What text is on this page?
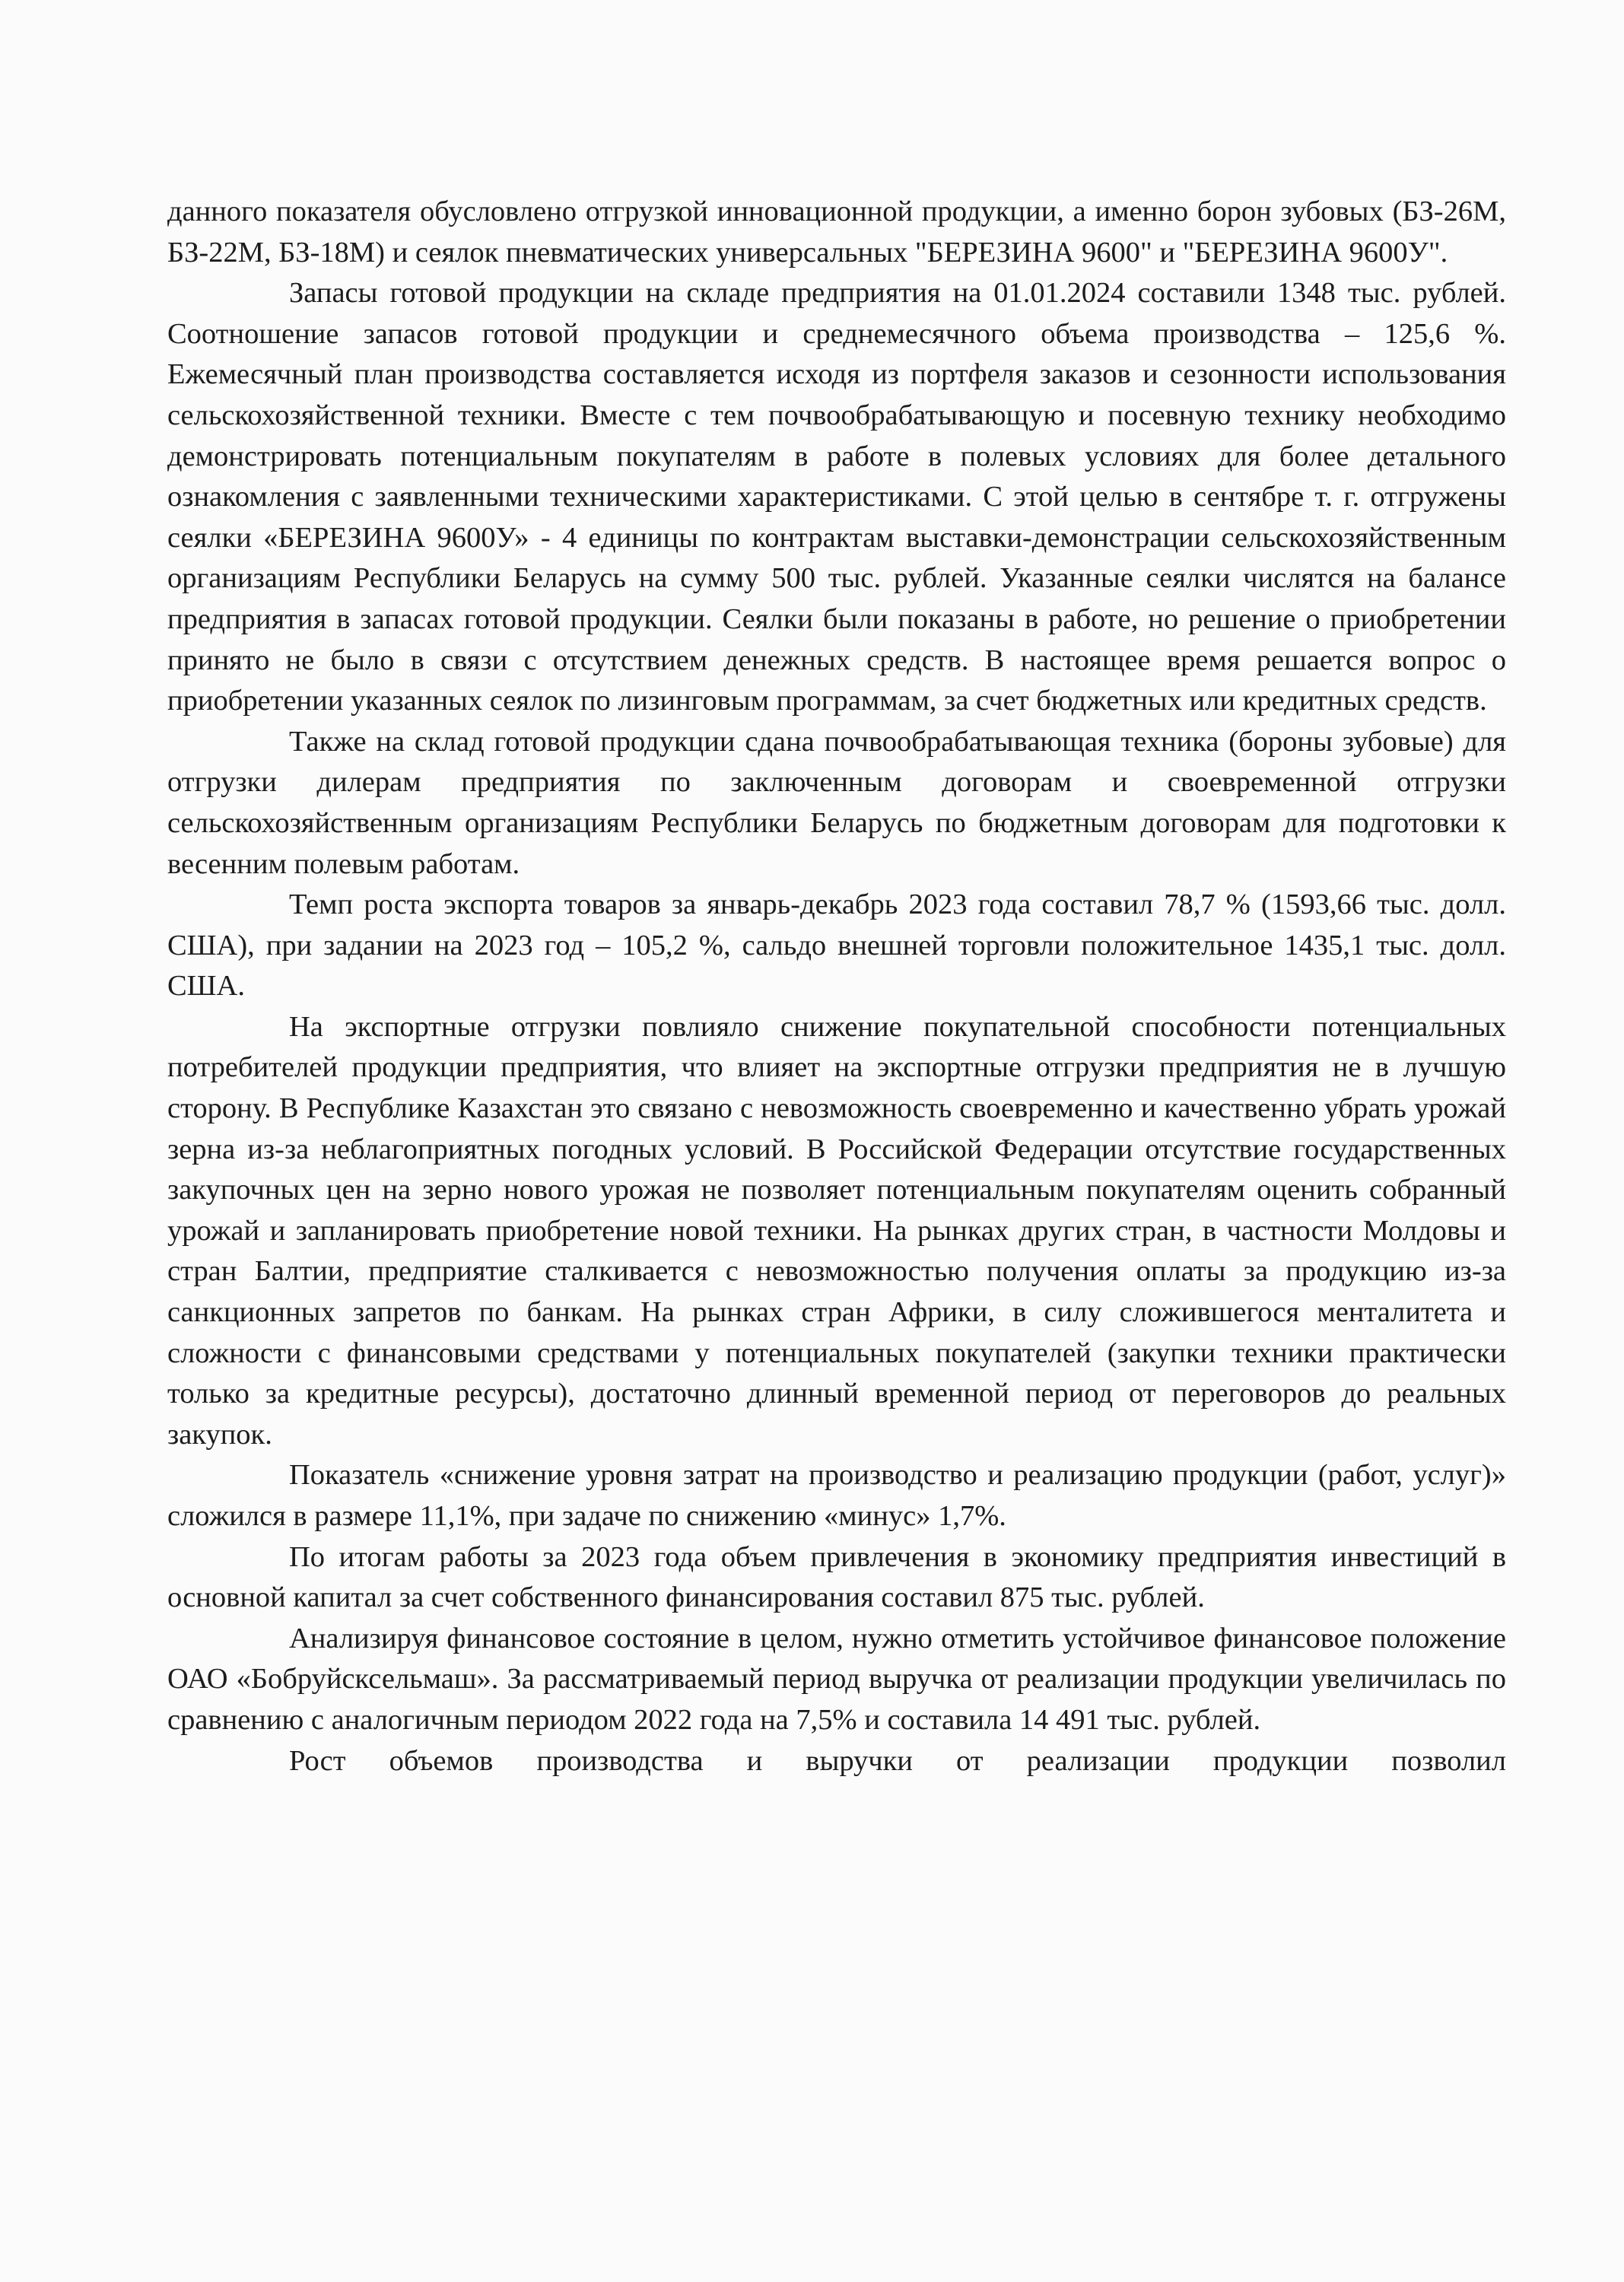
данного показателя обусловлено отгрузкой инновационной продукции, а именно борон зубовых (БЗ-26М, БЗ-22М, БЗ-18М) и сеялок пневматических универсальных "БЕРЕЗИНА 9600" и "БЕРЕЗИНА 9600У".

Запасы готовой продукции на складе предприятия на 01.01.2024 составили 1348 тыс. рублей. Соотношение запасов готовой продукции и среднемесячного объема производства – 125,6 %. Ежемесячный план производства составляется исходя из портфеля заказов и сезонности использования сельскохозяйственной техники. Вместе с тем почвообрабатывающую и посевную технику необходимо демонстрировать потенциальным покупателям в работе в полевых условиях для более детального ознакомления с заявленными техническими характеристиками. С этой целью в сентябре т. г. отгружены сеялки «БЕРЕЗИНА 9600У» - 4 единицы по контрактам выставки-демонстрации сельскохозяйственным организациям Республики Беларусь на сумму 500 тыс. рублей. Указанные сеялки числятся на балансе предприятия в запасах готовой продукции. Сеялки были показаны в работе, но решение о приобретении принято не было в связи с отсутствием денежных средств. В настоящее время решается вопрос о приобретении указанных сеялок по лизинговым программам, за счет бюджетных или кредитных средств.

Также на склад готовой продукции сдана почвообрабатывающая техника (бороны зубовые) для отгрузки дилерам предприятия по заключенным договорам и своевременной отгрузки сельскохозяйственным организациям Республики Беларусь по бюджетным договорам для подготовки к весенним полевым работам.

Темп роста экспорта товаров за январь-декабрь 2023 года составил 78,7 % (1593,66 тыс. долл. США), при задании на 2023 год – 105,2 %, сальдо внешней торговли положительное 1435,1 тыс. долл. США.

На экспортные отгрузки повлияло снижение покупательной способности потенциальных потребителей продукции предприятия, что влияет на экспортные отгрузки предприятия не в лучшую сторону. В Республике Казахстан это связано с невозможность своевременно и качественно убрать урожай зерна из-за неблагоприятных погодных условий. В Российской Федерации отсутствие государственных закупочных цен на зерно нового урожая не позволяет потенциальным покупателям оценить собранный урожай и запланировать приобретение новой техники. На рынках других стран, в частности Молдовы и стран Балтии, предприятие сталкивается с невозможностью получения оплаты за продукцию из-за санкционных запретов по банкам. На рынках стран Африки, в силу сложившегося менталитета и сложности с финансовыми средствами у потенциальных покупателей (закупки техники практически только за кредитные ресурсы), достаточно длинный временной период от переговоров до реальных закупок.

Показатель «снижение уровня затрат на производство и реализацию продукции (работ, услуг)» сложился в размере 11,1%, при задаче по снижению «минус» 1,7%.

По итогам работы за 2023 года объем привлечения в экономику предприятия инвестиций в основной капитал за счет собственного финансирования составил 875 тыс. рублей.

Анализируя финансовое состояние в целом, нужно отметить устойчивое финансовое положение ОАО «Бобруйсксельмаш». За рассматриваемый период выручка от реализации продукции увеличилась по сравнению с аналогичным периодом 2022 года на 7,5% и составила 14 491 тыс. рублей.

Рост объемов производства и выручки от реализации продукции позволил
